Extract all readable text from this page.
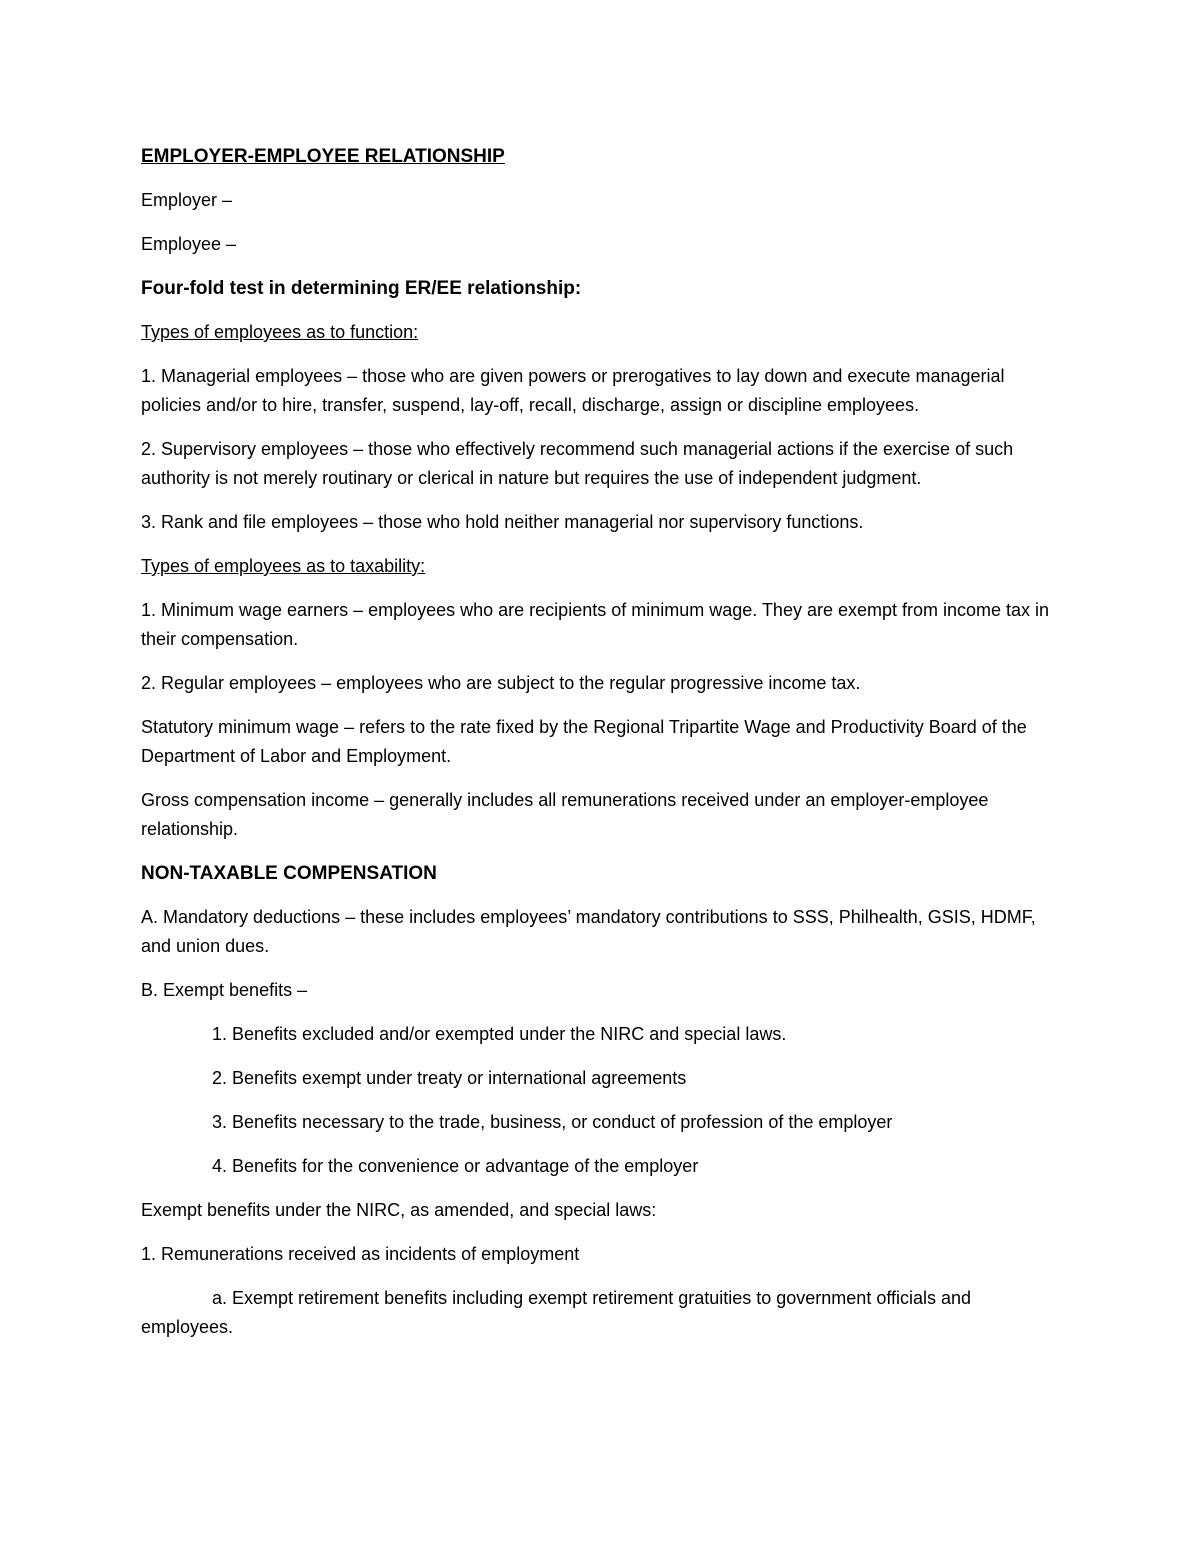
EMPLOYER-EMPLOYEE RELATIONSHIP

Employer –

Employee –

Four-fold test in determining ER/EE relationship:

Types of employees as to function:

1. Managerial employees – those who are given powers or prerogatives to lay down and execute managerial policies and/or to hire, transfer, suspend, lay-off, recall, discharge, assign or discipline employees.

2. Supervisory employees – those who effectively recommend such managerial actions if the exercise of such authority is not merely routinary or clerical in nature but requires the use of independent judgment.

3. Rank and file employees – those who hold neither managerial nor supervisory functions.

Types of employees as to taxability:

1. Minimum wage earners – employees who are recipients of minimum wage. They are exempt from income tax in their compensation.

2. Regular employees – employees who are subject to the regular progressive income tax.

Statutory minimum wage – refers to the rate fixed by the Regional Tripartite Wage and Productivity Board of the Department of Labor and Employment.

Gross compensation income – generally includes all remunerations received under an employer-employee relationship.

NON-TAXABLE COMPENSATION

A. Mandatory deductions – these includes employees’ mandatory contributions to SSS, Philhealth, GSIS, HDMF, and union dues.

B. Exempt benefits –

1. Benefits excluded and/or exempted under the NIRC and special laws.

2. Benefits exempt under treaty or international agreements

3. Benefits necessary to the trade, business, or conduct of profession of the employer

4. Benefits for the convenience or advantage of the employer

Exempt benefits under the NIRC, as amended, and special laws:

1. Remunerations received as incidents of employment

a. Exempt retirement benefits including exempt retirement gratuities to government officials and employees.
